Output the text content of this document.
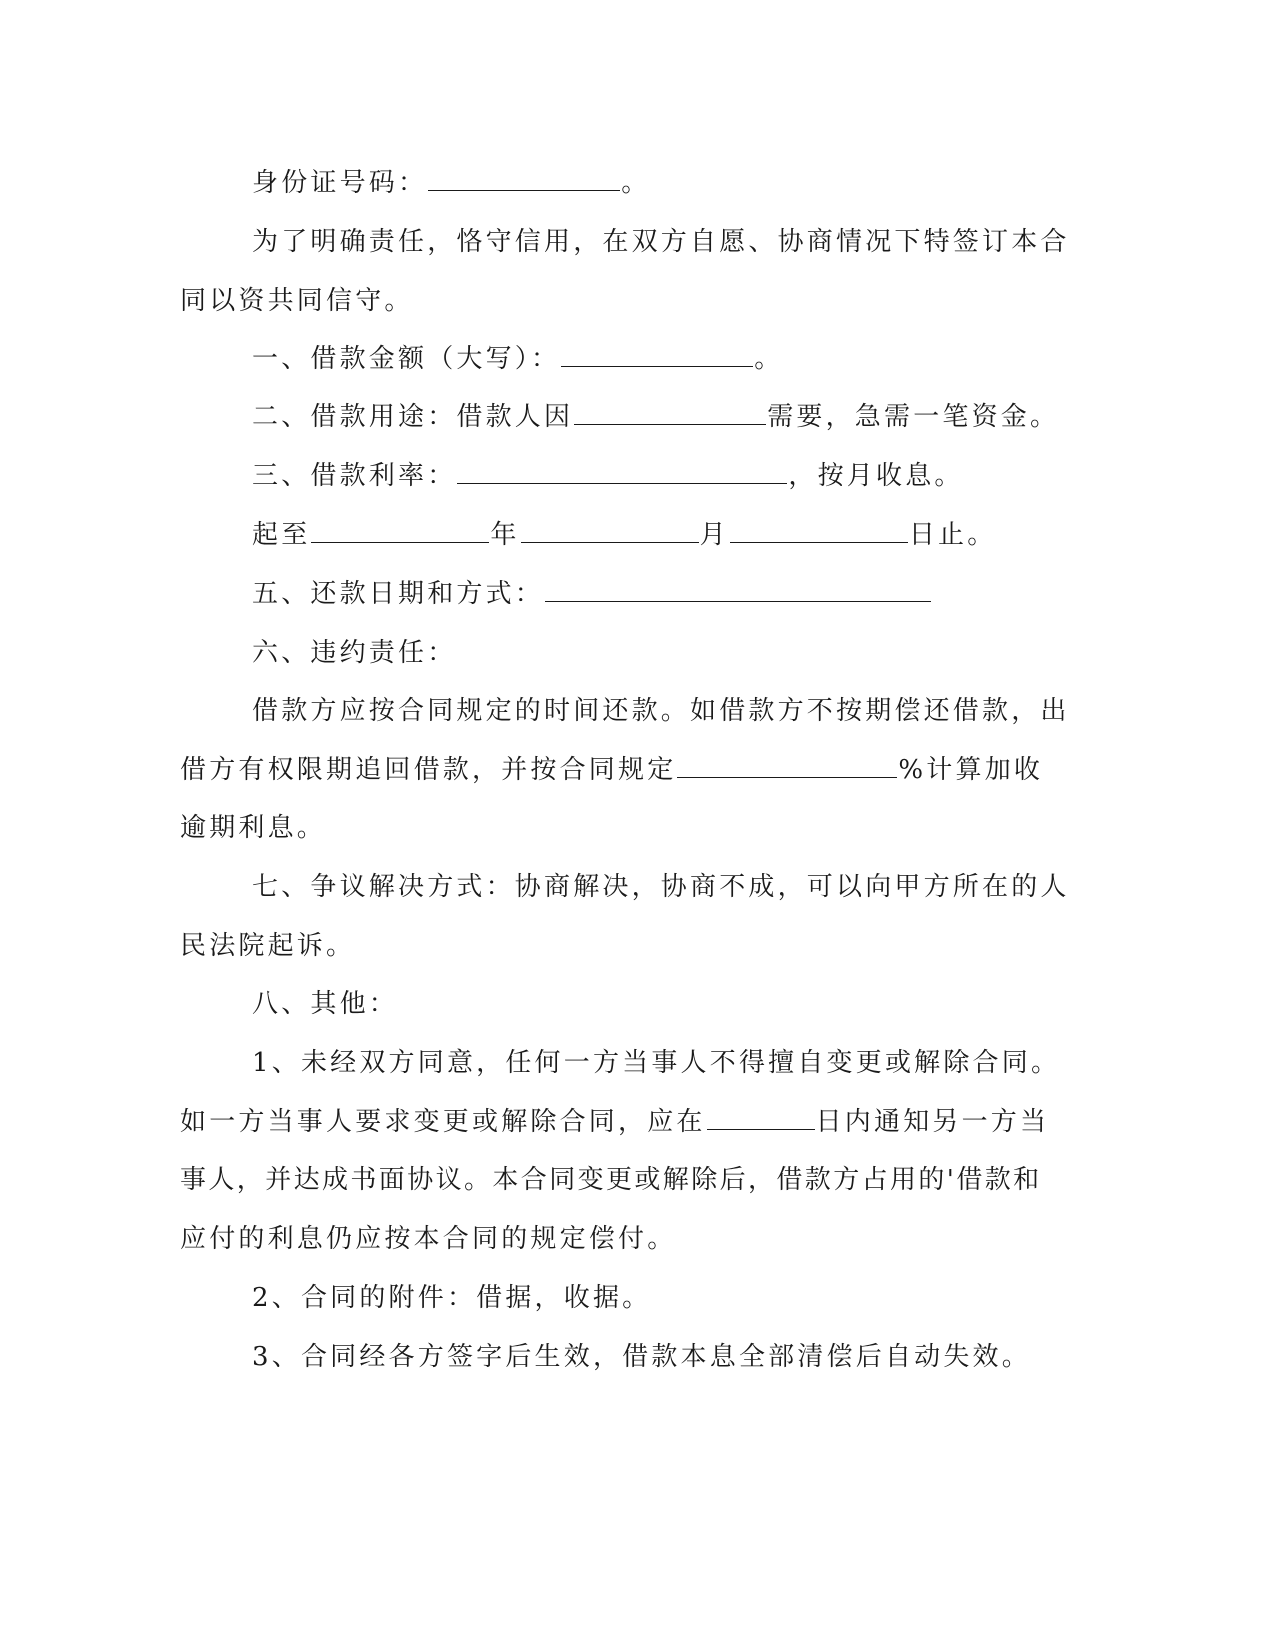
身份证号码：	。
为了明确责任，恪守信用，在双方自愿、协商情况下特签订本合
同以资共同信守。
一、借款金额（大写）：	。
二、借款用途：借款人因	需要，急需一笔资金。
三、借款利率：	，按月收息。
起至	年	月	日止。
五、还款日期和方式：
六、违约责任：
借款方应按合同规定的时间还款。如借款方不按期偿还借款，出
借方有权限期追回借款，并按合同规定	%计算加收
逾期利息。
七、争议解决方式：协商解决，协商不成，可以向甲方所在的人
民法院起诉。
八、其他：
1、未经双方同意，任何一方当事人不得擅自变更或解除合同。
如一方当事人要求变更或解除合同，应在	日内通知另一方当
事人，并达成书面协议。本合同变更或解除后，借款方占用的'借款和
应付的利息仍应按本合同的规定偿付。
2、合同的附件：借据，收据。
3、合同经各方签字后生效，借款本息全部清偿后自动失效。
